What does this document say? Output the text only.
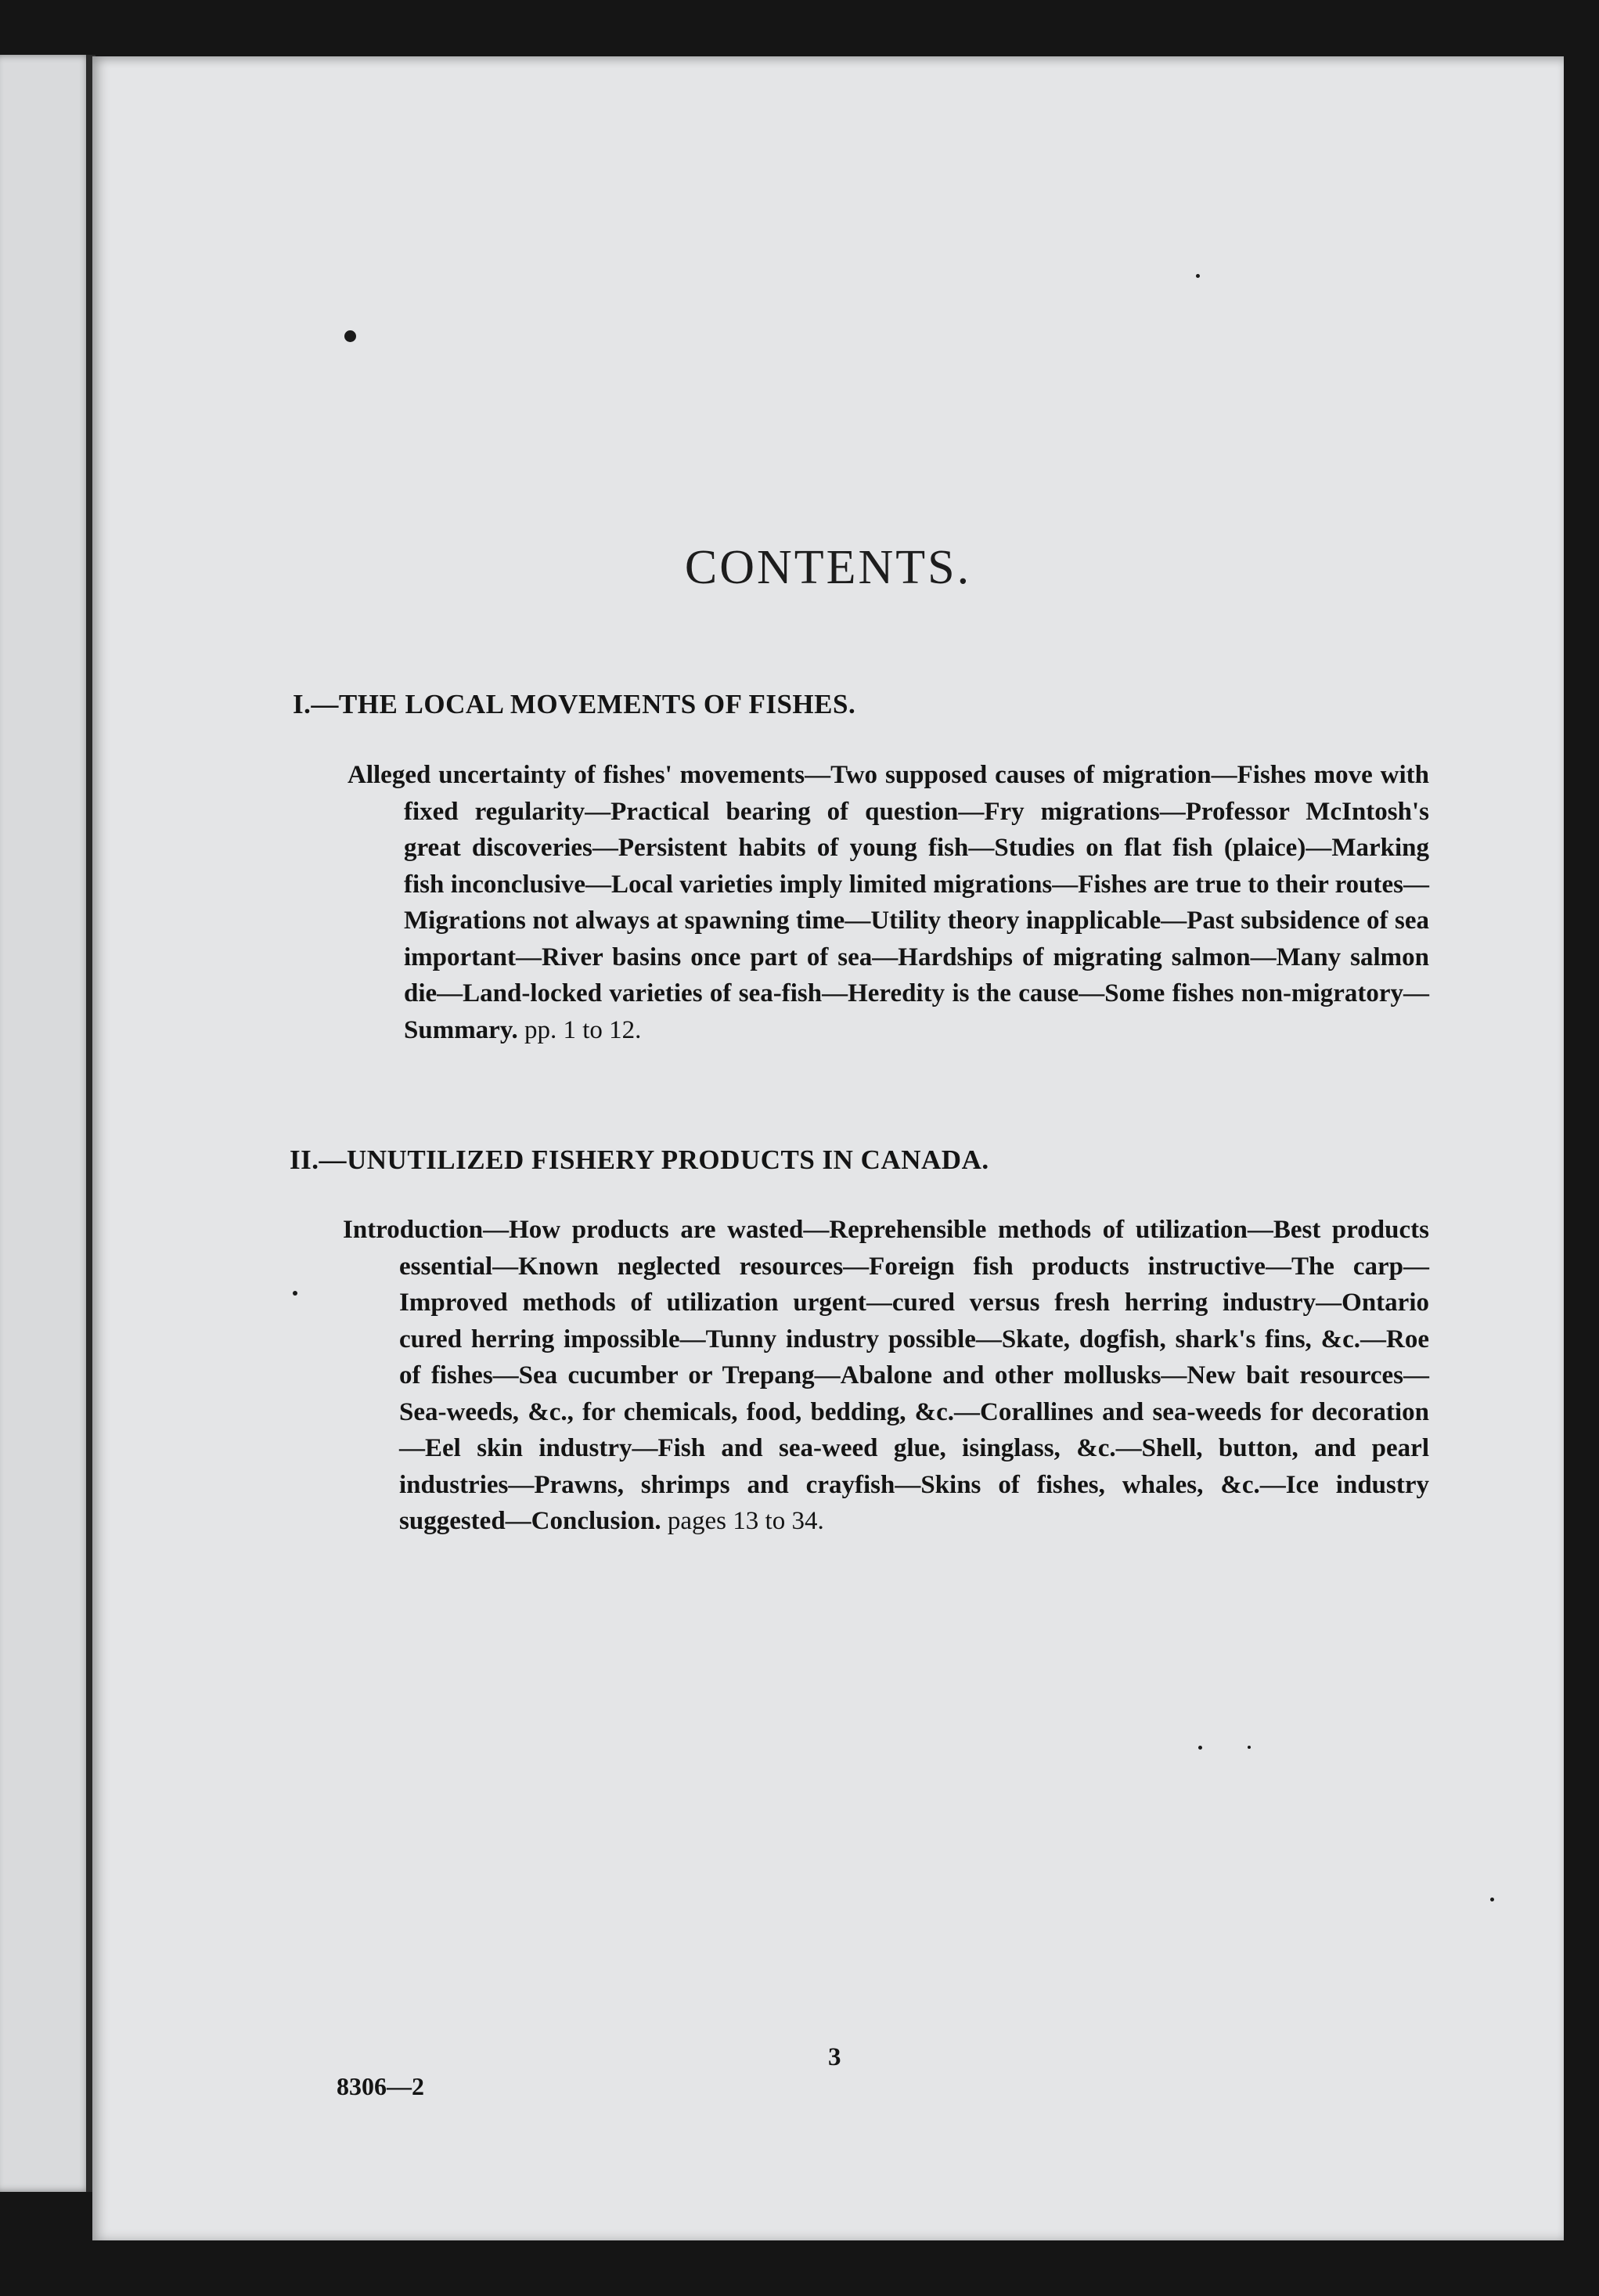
CONTENTS.
I.—THE LOCAL MOVEMENTS OF FISHES.

Alleged uncertainty of fishes' movements—Two supposed causes of migration—Fishes move with fixed regularity—Practical bearing of question—Fry migrations—Professor McIntosh's great discoveries—Persistent habits of young fish—Studies on flat fish (plaice)—Marking fish inconclusive—Local varieties imply limited migrations—Fishes are true to their routes—Migrations not always at spawning time—Utility theory inapplicable—Past subsidence of sea important—River basins once part of sea—Hardships of migrating salmon—Many salmon die—Land-locked varieties of sea-fish—Heredity is the cause—Some fishes non-migratory—Summary. pp. 1 to 12.

II.—UNUTILIZED FISHERY PRODUCTS IN CANADA.

Introduction—How products are wasted—Reprehensible methods of utilization—Best products essential—Known neglected resources—Foreign fish products instructive—The carp—Improved methods of utilization urgent—cured versus fresh herring industry—Ontario cured herring impossible—Tunny industry possible—Skate, dogfish, shark's fins, &c.—Roe of fishes—Sea cucumber or Trepang—Abalone and other mollusks—New bait resources—Sea-weeds, &c., for chemicals, food, bedding, &c.—Corallines and sea-weeds for decoration—Eel skin industry—Fish and sea-weed glue, isinglass, &c.—Shell, button, and pearl industries—Prawns, shrimps and crayfish—Skins of fishes, whales, &c.—Ice industry suggested—Conclusion. pages 13 to 34.

3
8306—2
